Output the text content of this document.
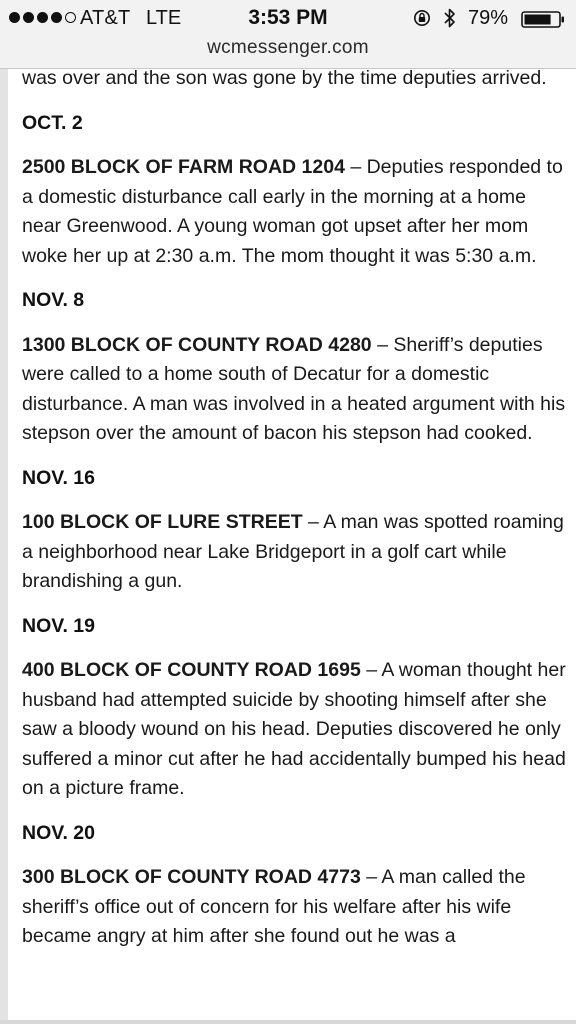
AT&T LTE	3:53 PM	79%
wcmessenger.com

was over and the son was gone by the time deputies arrived.

OCT. 2

2500 BLOCK OF FARM ROAD 1204 – Deputies responded to a domestic disturbance call early in the morning at a home near Greenwood. A young woman got upset after her mom woke her up at 2:30 a.m. The mom thought it was 5:30 a.m.

NOV. 8

1300 BLOCK OF COUNTY ROAD 4280 – Sheriff’s deputies were called to a home south of Decatur for a domestic disturbance. A man was involved in a heated argument with his stepson over the amount of bacon his stepson had cooked.

NOV. 16

100 BLOCK OF LURE STREET – A man was spotted roaming a neighborhood near Lake Bridgeport in a golf cart while brandishing a gun.

NOV. 19

400 BLOCK OF COUNTY ROAD 1695 – A woman thought her husband had attempted suicide by shooting himself after she saw a bloody wound on his head. Deputies discovered he only suffered a minor cut after he had accidentally bumped his head on a picture frame.

NOV. 20

300 BLOCK OF COUNTY ROAD 4773 – A man called the sheriff’s office out of concern for his welfare after his wife became angry at him after she found out he was a
